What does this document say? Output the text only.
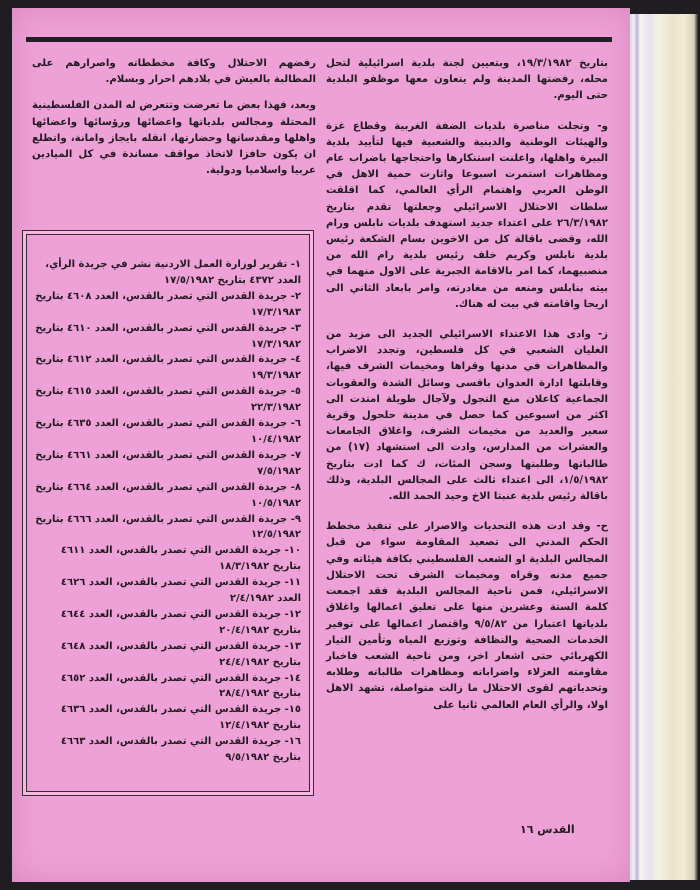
بتاريخ ١٩/٣/١٩٨٢، وبتعيين لجنة بلدية اسرائيلية لتحل محله، رفضتها المدينة ولم يتعاون معها موظفو البلدية حتى اليوم.

و- وتجلت مناصرة بلديات الضفة الغربية وقطاع غزة والهيئات الوطنية والدينية والشعبية فيها لتأييد بلدية البيرة واهلها، واعلنت استنكارها واحتجاجها باضراب عام ومظاهرات استمرت اسبوعا واثارت حمية الاهل في الوطن العربي واهتمام الرأي العالمي، كما اقلقت سلطات الاحتلال الاسرائيلي وجعلتها تقدم بتاريخ ٢٦/٣/١٩٨٢ على اعتداء جديد استهدف بلديات نابلس ورام الله، وقضى باقالة كل من الاخوين بسام الشكعة رئيس بلدية نابلس وكريم خلف رئيس بلدية رام الله من منصبيهما، كما امر بالاقامة الجبرية على الاول منهما في بيته بنابلس ومنعه من مغادرته، وامر بابعاد الثاني الى اريحا واقامته في بيت له هناك.

ز- وادى هذا الاعتداء الاسرائيلي الجديد الى مزيد من الغليان الشعبي في كل فلسطين، وتجدد الاضراب والمظاهرات في مدنها وقراها ومخيمات الشرف فيها، وقابلتها ادارة العدوان باقسى وسائل الشدة والعقوبات الجماعية كاعلان منع التجول ولآجال طويلة امتدت الى اكثر من اسبوعين كما حصل في مدينة حلحول وقرية سعير والعديد من مخيمات الشرف، واغلاق الجامعات والعشرات من المدارس، وادت الى استشهاد (١٧) من طالباتها وطلبتها وسجن المئات، ك كما ادت بتاريخ ١/٥/١٩٨٢، الى اعتداء ثالث على المجالس البلدية، وذلك باقالة رئيس بلدية عنبتا الاخ وحيد الحمد الله.

ح- وقد ادت هذه التحديات والاصرار على تنفيذ مخطط الحكم المدني الى تصعيد المقاومة سواء من قبل المجالس البلدية او الشعب الفلسطيني بكافة هيئاته وفي جميع مدنه وقراه ومخيمات الشرف تحت الاحتلال الاسرائيلي، فمن ناحية المجالس البلدية فقد اجمعت كلمة الستة وعشرين منها على تعليق اعمالها واغلاق بلدياتها اعتبارا من ٩/٥/٨٢ واقتصار اعمالها على توفير الخدمات الصحية والنظافة وتوزيع المياه وتأمين التيار الكهربائي حتى اشعار اخر، ومن ناحية الشعب فاخبار مقاومته العزلاء واضراباته ومظاهرات طالباته وطلابه وتحدياتهم لقوى الاحتلال ما زالت متواصلة، تشهد الاهل اولا، والرأي العام العالمي ثانيا على

رفضهم الاحتلال وكافة مخططاته واصرارهم على المطالبة بالعيش في بلادهم احرار وبسلام.

وبعد، فهذا بعض ما تعرضت وتتعرض له المدن الفلسطينية المحتلة ومجالس بلدياتها واعضائها ورؤسائها واعضائها واهلها ومقدساتها وحضارتها، انقله بايجاز وامانة، واتطلع ان يكون حافزا لاتخاذ مواقف مساندة في كل الميادين عربيا واسلاميا ودولية.

١- تقرير لوزارة العمل الاردنية نشر في جريدة الرأي، العدد ٤٣٧٢ بتاريخ ١٧/٥/١٩٨٢

٢- جريدة القدس التي تصدر بالقدس، العدد ٤٦٠٨ بتاريخ ١٧/٣/١٩٨٣

٣- جريدة القدس التي تصدر بالقدس، العدد ٤٦١٠ بتاريخ ١٧/٣/١٩٨٢

٤- جريدة القدس التي تصدر بالقدس، العدد ٤٦١٢ بتاريخ ١٩/٣/١٩٨٢

٥- جريدة القدس التي تصدر بالقدس، العدد ٤٦١٥ بتاريخ ٢٢/٣/١٩٨٢

٦- جريدة القدس التي تصدر بالقدس، العدد ٤٦٣٥ بتاريخ ١٠/٤/١٩٨٢

٧- جريدة القدس التي تصدر بالقدس، العدد ٤٦٦١ بتاريخ ٧/٥/١٩٨٢

٨- جريدة القدس التي تصدر بالقدس، العدد ٤٦٦٤ بتاريخ ١٠/٥/١٩٨٢

٩- جريدة القدس التي تصدر بالقدس، العدد ٤٦٦٦ بتاريخ ١٢/٥/١٩٨٢

١٠- جريدة القدس التي تصدر بالقدس، العدد ٤٦١١ بتاريخ ١٨/٣/١٩٨٢

١١- جريدة القدس التي تصدر بالقدس، العدد ٤٦٢٦ العدد ٢/٤/١٩٨٢

١٢- جريدة القدس التي تصدر بالقدس، العدد ٤٦٤٤ بتاريخ ٢٠/٤/١٩٨٢

١٣- جريدة القدس التي تصدر بالقدس، العدد ٤٦٤٨ بتاريخ ٢٤/٤/١٩٨٢

١٤- جريدة القدس التي تصدر بالقدس، العدد ٤٦٥٢ بتاريخ ٢٨/٤/١٩٨٢

١٥- جريدة القدس التي تصدر بالقدس، العدد ٤٦٣٦ بتاريخ ١٢/٤/١٩٨٢

١٦- جريدة القدس التي تصدر بالقدس، العدد ٤٦٦٣ بتاريخ ٩/٥/١٩٨٢

القدس ١٦
